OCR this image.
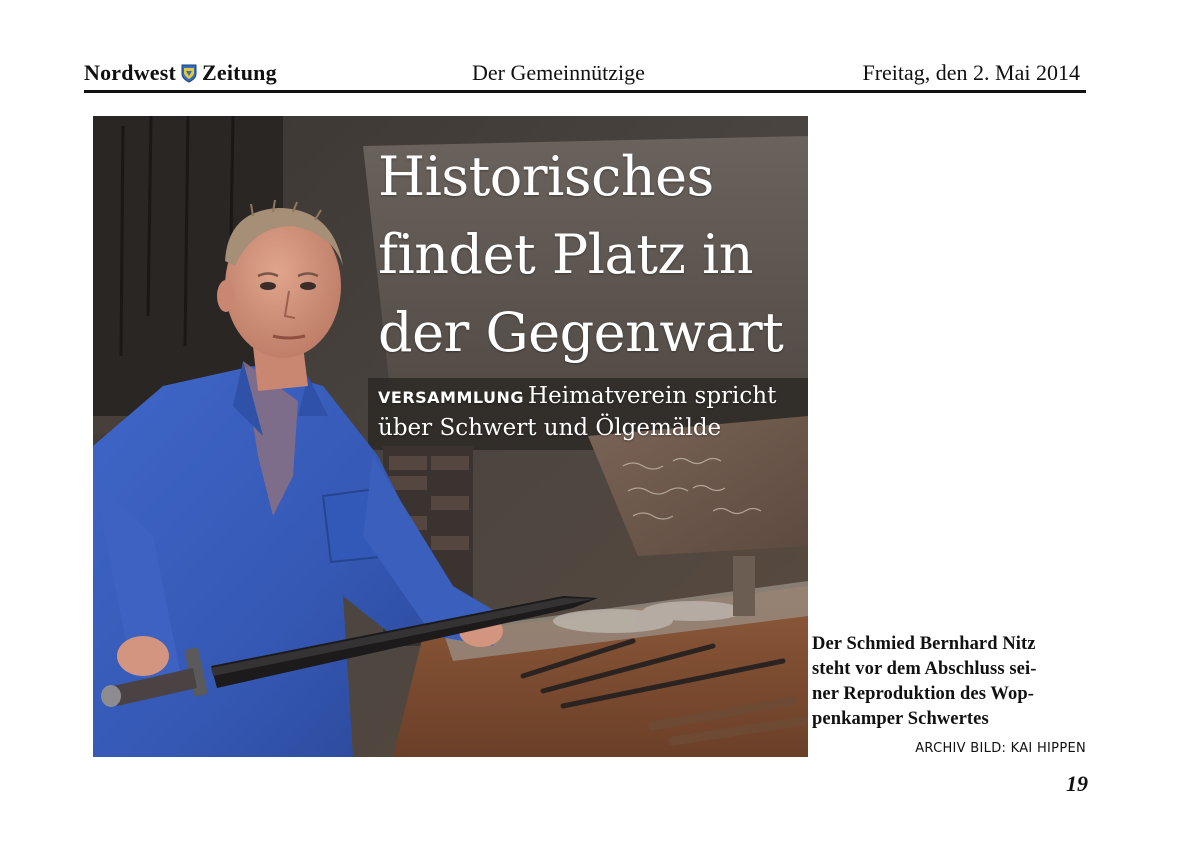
Nordwest Zeitung	Der Gemeinnützige	Freitag, den 2. Mai 2014
Historisches
findet Platz in
der Gegenwart
VERSAMMLUNG Heimatverein spricht
über Schwert und Ölgemälde
Der Schmied Bernhard Nitz
steht vor dem Abschluss sei-
ner Reproduktion des Wop-
penkamper Schwertes
ARCHIV BILD: KAI HIPPEN
19
